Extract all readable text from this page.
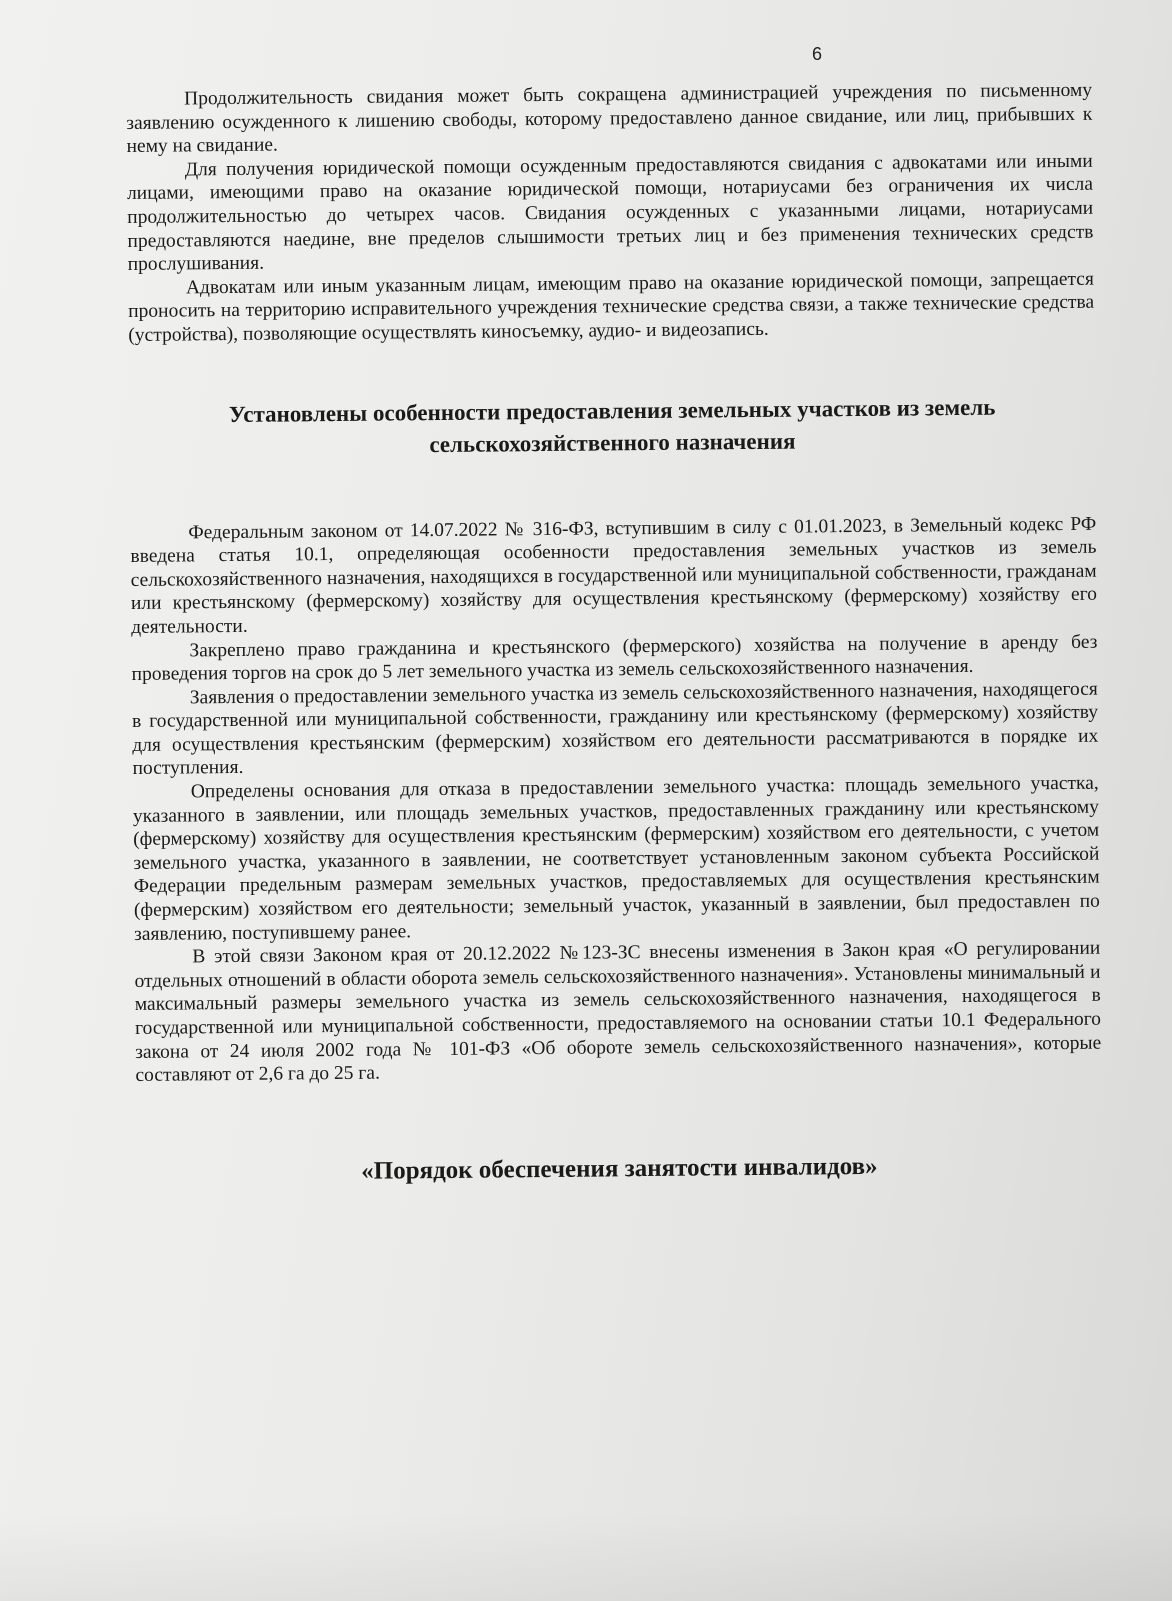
6

Продолжительность свидания может быть сокращена администрацией учреждения по письменному заявлению осужденного к лишению свободы, которому предоставлено данное свидание, или лиц, прибывших к нему на свидание.

Для получения юридической помощи осужденным предоставляются свидания с адвокатами или иными лицами, имеющими право на оказание юридической помощи, нотариусами без ограничения их числа продолжительностью до четырех часов. Свидания осужденных с указанными лицами, нотариусами предоставляются наедине, вне пределов слышимости третьих лиц и без применения технических средств прослушивания.

Адвокатам или иным указанным лицам, имеющим право на оказание юридической помощи, запрещается проносить на территорию исправительного учреждения технические средства связи, а также технические средства (устройства), позволяющие осуществлять киносъемку, аудио- и видеозапись.

Установлены особенности предоставления земельных участков из земель сельскохозяйственного назначения

Федеральным законом от 14.07.2022 № 316-ФЗ, вступившим в силу с 01.01.2023, в Земельный кодекс РФ введена статья 10.1, определяющая особенности предоставления земельных участков из земель сельскохозяйственного назначения, находящихся в государственной или муниципальной собственности, гражданам или крестьянскому (фермерскому) хозяйству для осуществления крестьянскому (фермерскому) хозяйству его деятельности.

Закреплено право гражданина и крестьянского (фермерского) хозяйства на получение в аренду без проведения торгов на срок до 5 лет земельного участка из земель сельскохозяйственного назначения.

Заявления о предоставлении земельного участка из земель сельскохозяйственного назначения, находящегося в государственной или муниципальной собственности, гражданину или крестьянскому (фермерскому) хозяйству для осуществления крестьянским (фермерским) хозяйством его деятельности рассматриваются в порядке их поступления.

Определены основания для отказа в предоставлении земельного участка: площадь земельного участка, указанного в заявлении, или площадь земельных участков, предоставленных гражданину или крестьянскому (фермерскому) хозяйству для осуществления крестьянским (фермерским) хозяйством его деятельности, с учетом земельного участка, указанного в заявлении, не соответствует установленным законом субъекта Российской Федерации предельным размерам земельных участков, предоставляемых для осуществления крестьянским (фермерским) хозяйством его деятельности; земельный участок, указанный в заявлении, был предоставлен по заявлению, поступившему ранее.

В этой связи Законом края от 20.12.2022 №123-ЗС внесены изменения в Закон края «О регулировании отдельных отношений в области оборота земель сельскохозяйственного назначения». Установлены минимальный и максимальный размеры земельного участка из земель сельскохозяйственного назначения, находящегося в государственной или муниципальной собственности, предоставляемого на основании статьи 10.1 Федерального закона от 24 июля 2002 года № 101-ФЗ «Об обороте земель сельскохозяйственного назначения», которые составляют от 2,6 га до 25 га.

«Порядок обеспечения занятости инвалидов»
